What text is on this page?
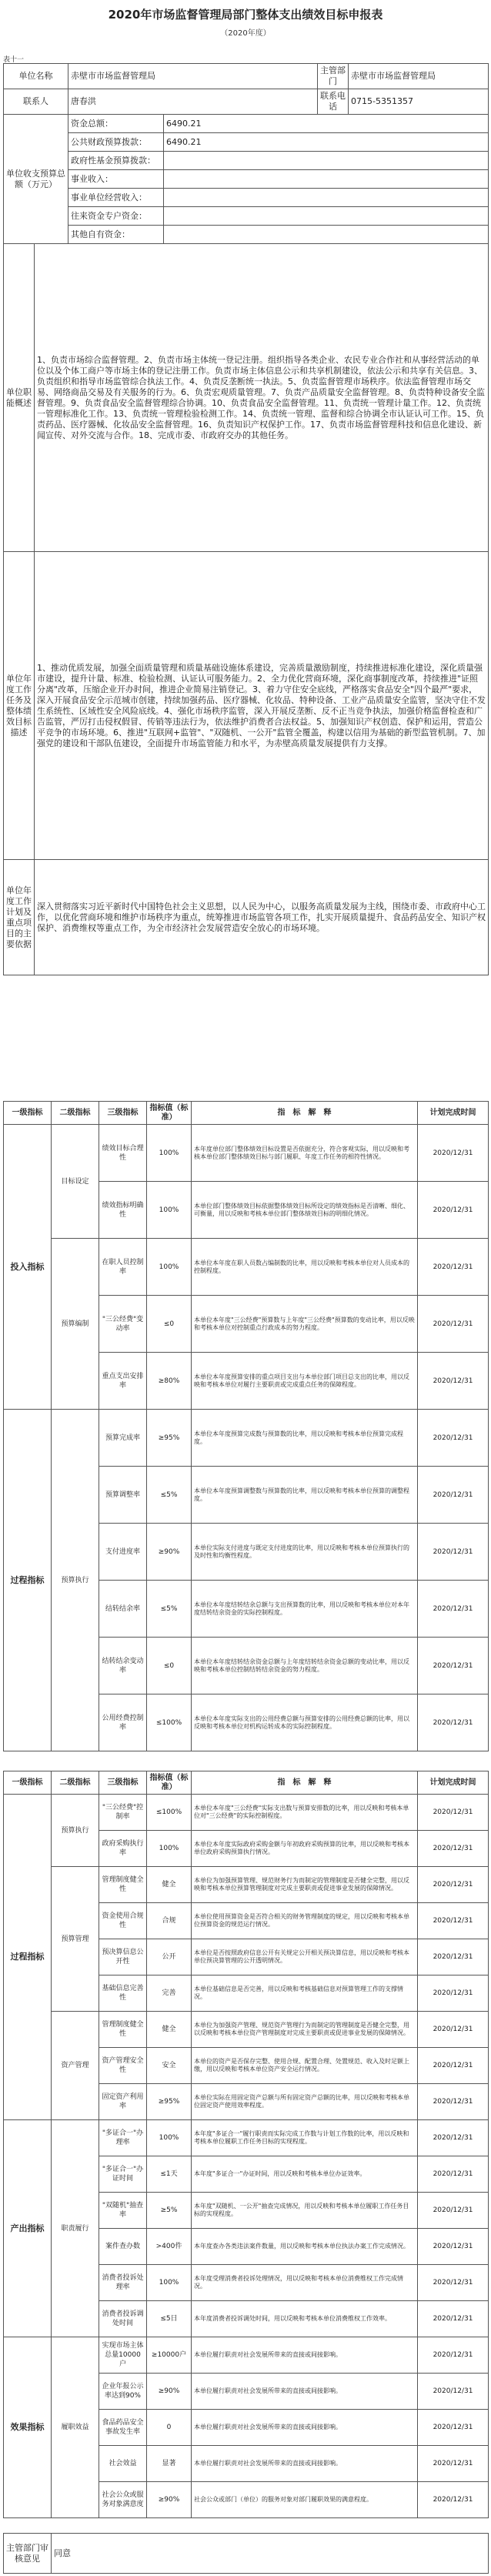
2020年市场监督管理局部门整体支出绩效目标申报表
（2020年度）
表十一
单位名称		赤壁市市场监督管理局		主管部门	赤壁市市场监督管理局
联系人		唐春洪		联系电话	0715-5351357
单位收支预算总额（万元）		资金总额：	6490.21		
		公共财政预算拨款：	6490.21		
		政府性基金预算拨款：			
		事业收入：			
		事业单位经营收入：			
		往来资金专户资金：			
		其他自有资金：			
单位职能概述	1、负责市场综合监督管理。2、负责市场主体统一登记注册。组织指导各类企业、农民专业合作社和从事经营活动的单位以及个体工商户等市场主体的登记注册工作。负责市场主体信息公示和共享机制建设，依法公示和共享有关信息。3、负责组织和指导市场监管综合执法工作。4、负责反垄断统一执法。5、负责监督管理市场秩序。依法监督管理市场交易、网络商品交易及有关服务的行为。6、负责宏观质量管理。7、负责产品质量安全监督管理。8、负责特种设备安全监督管理。9、负责食品安全监督管理综合协调。10、负责食品安全监督管理。11、负责统一管理计量工作。12、负责统一管理标准化工作。13、负责统一管理检验检测工作。14、负责统一管理、监督和综合协调全市认证认可工作。15、负责药品、医疗器械、化妆品安全监督管理。16、负责知识产权保护工作。17、负责市场监督管理科技和信息化建设、新闻宣传、对外交流与合作。18、完成市委、市政府交办的其他任务。				
单位年度工作任务及整体绩效目标描述	1、推动优质发展，加强全面质量管理和质量基础设施体系建设，完善质量激励制度，持续推进标准化建设，深化质量强市建设，提升计量、标准、检验检测、认证认可服务能力。2、全力优化营商环境，深化商事制度改革，持续推进"证照分离"改革，压缩企业开办时间，推进企业简易注销登记。3、着力守住安全底线，严格落实食品安全"四个最严"要求，深入开展食品安全示范城市创建，持续加强药品、医疗器械、化妆品、特种设备、工业产品质量安全监管，坚决守住不发生系统性、区域性安全风险底线。4、强化市场秩序监管，深入开展反垄断、反不正当竞争执法，加强价格监督检查和广告监管，严厉打击侵权假冒、传销等违法行为，依法维护消费者合法权益。5、加强知识产权创造、保护和运用，营造公平竞争的市场环境。6、推进"互联网+监管"、"双随机、一公开"监管全覆盖，构建以信用为基础的新型监管机制。7、加强党的建设和干部队伍建设，全面提升市场监管能力和水平，为赤壁高质量发展提供有力支撑。				
单位年度工作计划及重点项目的主要依据	深入贯彻落实习近平新时代中国特色社会主义思想，以人民为中心，以服务高质量发展为主线，围绕市委、市政府中心工作，以优化营商环境和维护市场秩序为重点，统筹推进市场监管各项工作，扎实开展质量提升、食品药品安全、知识产权保护、消费维权等重点工作，为全市经济社会发展营造安全放心的市场环境。				
一级指标	二级指标	三级指标	指标值（标准）	指　标　解　释	计划完成时间
投入指标	目标设定	绩效目标合理性	100%	本年度单位部门整体绩效目标设置是否依据充分，符合客观实际，用以反映和考核本单位部门整体绩效目标与部门履职、年度工作任务的相符性情况。	2020/12/31
		绩效指标明确性	100%	本单位部门整体绩效目标依据整体绩效目标所设定的绩效指标是否清晰、细化、可衡量，用以反映和考核本单位部门整体绩效目标的明细化情况。	2020/12/31
	预算编制	在职人员控制率	100%	本单位本年度在职人员数占编制数的比率，用以反映和考核本单位对人员成本的控制程度。	2020/12/31
		"三公经费"变动率	≤0	本单位本年度"三公经费"预算数与上年度"三公经费"预算数的变动比率，用以反映和考核本单位对控制重点行政成本的努力程度。	2020/12/31
		重点支出安排率	≥80%	本单位本年度预算安排的重点项目支出与本单位部门项目总支出的比率，用以反映和考核本单位对履行主要职责或完成重点任务的保障程度。	2020/12/31
过程指标	预算执行	预算完成率	≥95%	本单位本年度预算完成数与预算数的比率，用以反映和考核本单位预算完成程度。	2020/12/31
		预算调整率	≤5%	本单位本年度预算调整数与预算数的比率，用以反映和考核本单位预算的调整程度。	2020/12/31
		支付进度率	≥90%	本单位实际支付进度与既定支付进度的比率，用以反映和考核本单位预算执行的及时性和均衡性程度。	2020/12/31
		结转结余率	≤5%	本单位本年度结转结余总额与支出预算数的比率，用以反映和考核本单位对本年度结转结余资金的实际控制程度。	2020/12/31
		结转结余变动率	≤0	本单位本年度结转结余资金总额与上年度结转结余资金总额的变动比率，用以反映和考核本单位控制结转结余资金的努力程度。	2020/12/31
		公用经费控制率	≤100%	本单位本年度实际支出的公用经费总额与预算安排的公用经费总额的比率，用以反映和考核本单位对机构运转成本的实际控制程度。	2020/12/31
一级指标	二级指标	三级指标	指标值（标准）	指　标　解　释	计划完成时间
过程指标	预算执行	"三公经费"控制率	≤100%	本单位本年度"三公经费"实际支出数与预算安排数的比率，用以反映和考核本单位对"三公经费"的实际控制程度。	2020/12/31
		政府采购执行率	100%	本单位本年度实际政府采购金额与年初政府采购预算的比率，用以反映和考核本单位政府采购预算执行情况。	2020/12/31
	预算管理	管理制度健全性	健全	本单位为加强预算管理、规范财务行为而制定的管理制度是否健全完整，用以反映和考核本单位预算管理制度对完成主要职责或促进事业发展的保障情况。	2020/12/31
		资金使用合规性	合规	本单位使用预算资金是否符合相关的财务管理制度的规定，用以反映和考核本单位预算资金的规范运行情况。	2020/12/31
		预决算信息公开性	公开	本单位是否按照政府信息公开有关规定公开相关预决算信息，用以反映和考核本单位预决算管理的公开透明情况。	2020/12/31
		基础信息完善性	完善	本单位基础信息是否完善，用以反映和考核基础信息对预算管理工作的支撑情况。	2020/12/31
	资产管理	管理制度健全性	健全	本单位为加强资产管理、规范资产管理行为而制定的管理制度是否健全完整，用以反映和考核本单位资产管理制度对完成主要职责或促进事业发展的保障情况。	2020/12/31
		资产管理安全性	安全	本单位的资产是否保存完整、使用合规、配置合理、处置规范、收入及时足额上缴，用以反映和考核本单位资产安全运行情况。	2020/12/31
		固定资产利用率	≥95%	本单位实际在用固定资产总额与所有固定资产总额的比率，用以反映和考核本单位固定资产使用效率程度。	2020/12/31
产出指标	职责履行	"多证合一"办理率	100%	本年度"多证合一"履行职责而实际完成工作数与计划工作数的比率，用以反映和考核本单位履职工作任务目标的实现程度。	2020/12/31
		"多证合一"办证时间	≤1天	本年度"多证合一"办证时间，用以反映和考核本单位办证效率。	2020/12/31
		"双随机"抽查率	≥5%	本年度"双随机、一公开"抽查完成情况，用以反映和考核本单位履职工作任务目标的实现程度。	2020/12/31
		案件查办数	>400件	本年度查办各类违法案件数量，用以反映和考核本单位执法办案工作完成情况。	2020/12/31
		消费者投诉处理率	100%	本年度受理消费者投诉处理情况，用以反映和考核本单位消费维权工作完成情况。	2020/12/31
		消费者投诉调处时间	≤5日	本年度消费者投诉调处时间，用以反映和考核本单位消费维权工作效率。	2020/12/31
效果指标	履职效益	实现市场主体总量10000户	≥10000户	本单位履行职责对社会发展所带来的直接或间接影响。	2020/12/31
		企业年报公示率达到90%	≥90%	本单位履行职责对社会发展所带来的直接或间接影响。	2020/12/31
		食品药品安全事故发生率	0	本单位履行职责对社会发展所带来的直接或间接影响。	2020/12/31
		社会效益	显著	本单位履行职责对社会发展所带来的直接或间接影响。	2020/12/31
		社会公众或服务对象满意度	≥90%	社会公众或部门（单位）的服务对象对部门履职效果的满意程度。	2020/12/31
主管部门审核意见	同意
